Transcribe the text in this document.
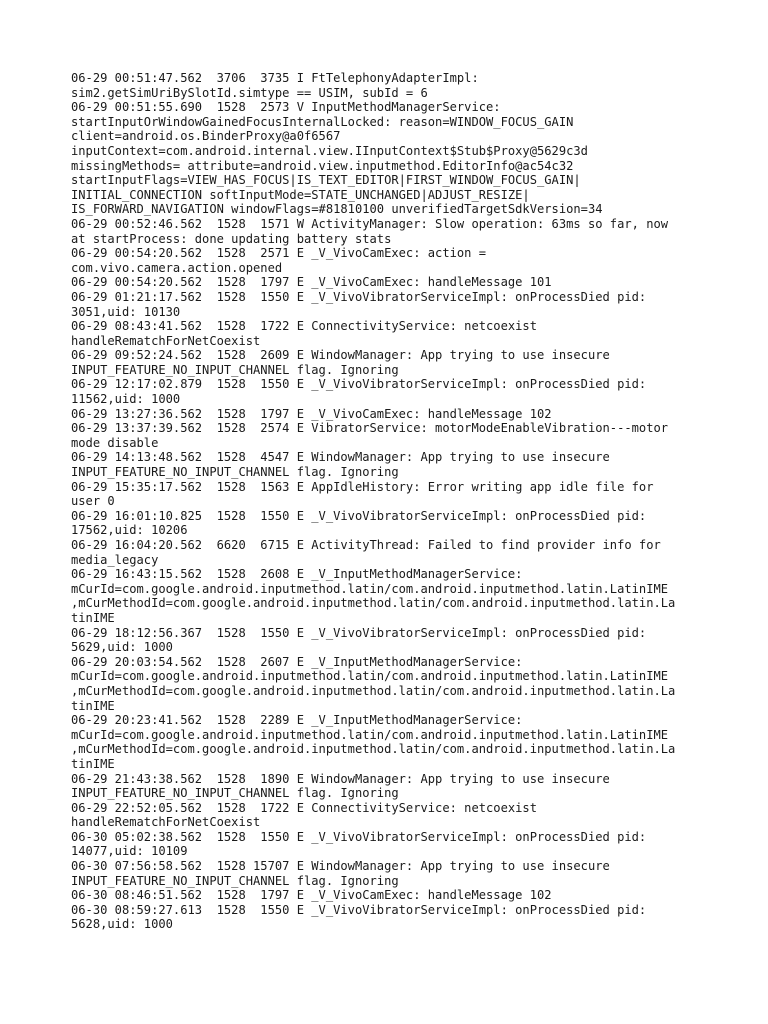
06-29 00:51:47.562  3706  3735 I FtTelephonyAdapterImpl:
sim2.getSimUriBySlotId.simtype == USIM, subId = 6
06-29 00:51:55.690  1528  2573 V InputMethodManagerService:
startInputOrWindowGainedFocusInternalLocked: reason=WINDOW_FOCUS_GAIN
client=android.os.BinderProxy@a0f6567
inputContext=com.android.internal.view.IInputContext$Stub$Proxy@5629c3d
missingMethods= attribute=android.view.inputmethod.EditorInfo@ac54c32
startInputFlags=VIEW_HAS_FOCUS|IS_TEXT_EDITOR|FIRST_WINDOW_FOCUS_GAIN|
INITIAL_CONNECTION softInputMode=STATE_UNCHANGED|ADJUST_RESIZE|
IS_FORWARD_NAVIGATION windowFlags=#81810100 unverifiedTargetSdkVersion=34
06-29 00:52:46.562  1528  1571 W ActivityManager: Slow operation: 63ms so far, now
at startProcess: done updating battery stats
06-29 00:54:20.562  1528  2571 E _V_VivoCamExec: action =
com.vivo.camera.action.opened
06-29 00:54:20.562  1528  1797 E _V_VivoCamExec: handleMessage 101
06-29 01:21:17.562  1528  1550 E _V_VivoVibratorServiceImpl: onProcessDied pid:
3051,uid: 10130
06-29 08:43:41.562  1528  1722 E ConnectivityService: netcoexist
handleRematchForNetCoexist
06-29 09:52:24.562  1528  2609 E WindowManager: App trying to use insecure
INPUT_FEATURE_NO_INPUT_CHANNEL flag. Ignoring
06-29 12:17:02.879  1528  1550 E _V_VivoVibratorServiceImpl: onProcessDied pid:
11562,uid: 1000
06-29 13:27:36.562  1528  1797 E _V_VivoCamExec: handleMessage 102
06-29 13:37:39.562  1528  2574 E VibratorService: motorModeEnableVibration---motor
mode disable
06-29 14:13:48.562  1528  4547 E WindowManager: App trying to use insecure
INPUT_FEATURE_NO_INPUT_CHANNEL flag. Ignoring
06-29 15:35:17.562  1528  1563 E AppIdleHistory: Error writing app idle file for
user 0
06-29 16:01:10.825  1528  1550 E _V_VivoVibratorServiceImpl: onProcessDied pid:
17562,uid: 10206
06-29 16:04:20.562  6620  6715 E ActivityThread: Failed to find provider info for
media_legacy
06-29 16:43:15.562  1528  2608 E _V_InputMethodManagerService:
mCurId=com.google.android.inputmethod.latin/com.android.inputmethod.latin.LatinIME
,mCurMethodId=com.google.android.inputmethod.latin/com.android.inputmethod.latin.La
tinIME
06-29 18:12:56.367  1528  1550 E _V_VivoVibratorServiceImpl: onProcessDied pid:
5629,uid: 1000
06-29 20:03:54.562  1528  2607 E _V_InputMethodManagerService:
mCurId=com.google.android.inputmethod.latin/com.android.inputmethod.latin.LatinIME
,mCurMethodId=com.google.android.inputmethod.latin/com.android.inputmethod.latin.La
tinIME
06-29 20:23:41.562  1528  2289 E _V_InputMethodManagerService:
mCurId=com.google.android.inputmethod.latin/com.android.inputmethod.latin.LatinIME
,mCurMethodId=com.google.android.inputmethod.latin/com.android.inputmethod.latin.La
tinIME
06-29 21:43:38.562  1528  1890 E WindowManager: App trying to use insecure
INPUT_FEATURE_NO_INPUT_CHANNEL flag. Ignoring
06-29 22:52:05.562  1528  1722 E ConnectivityService: netcoexist
handleRematchForNetCoexist
06-30 05:02:38.562  1528  1550 E _V_VivoVibratorServiceImpl: onProcessDied pid:
14077,uid: 10109
06-30 07:56:58.562  1528 15707 E WindowManager: App trying to use insecure
INPUT_FEATURE_NO_INPUT_CHANNEL flag. Ignoring
06-30 08:46:51.562  1528  1797 E _V_VivoCamExec: handleMessage 102
06-30 08:59:27.613  1528  1550 E _V_VivoVibratorServiceImpl: onProcessDied pid:
5628,uid: 1000
